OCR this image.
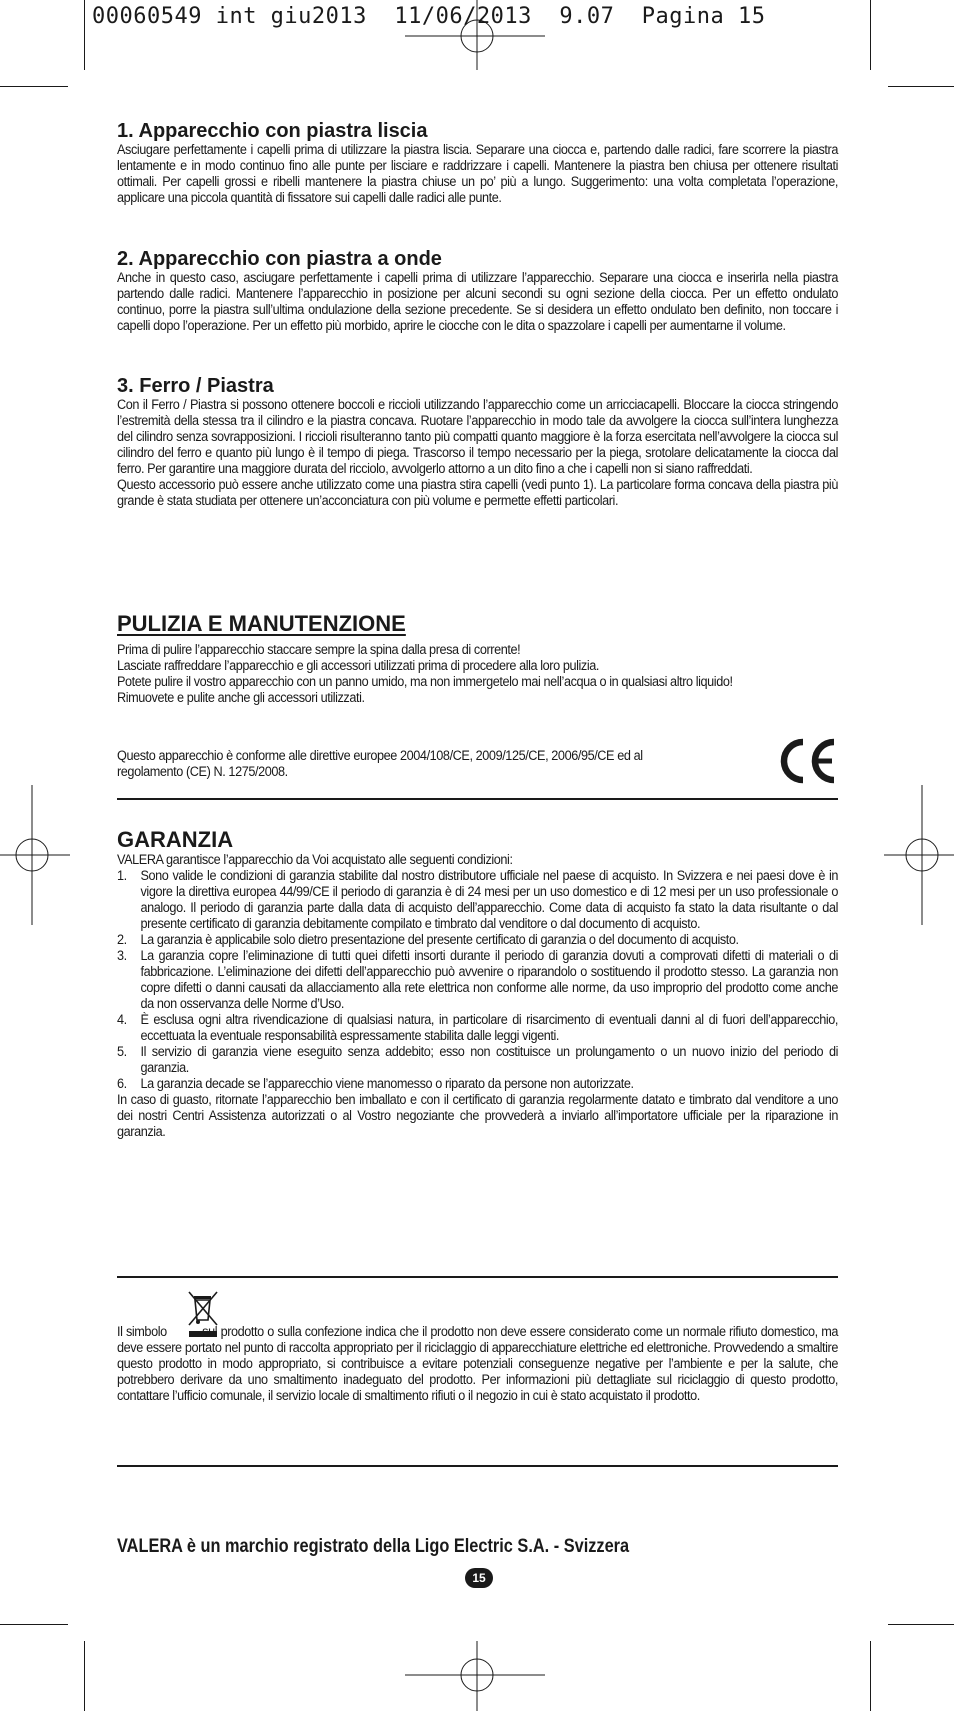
00060549 int giu2013  11/06/2013  9.07  Pagina 15
1. Apparecchio con piastra liscia

Asciugare perfettamente i capelli prima di utilizzare la piastra liscia. Separare una ciocca e, partendo dalle radici, fare scorrere la piastra lentamente e in modo continuo fino alle punte per lisciare e raddrizzare i capelli. Mantenere la piastra ben chiusa per ottenere risultati ottimali. Per capelli grossi e ribelli mantenere la piastra chiuse un po’ più a lungo. Suggerimento: una volta completata l’operazione, applicare una piccola quantità di fissatore sui capelli dalle radici alle punte.

2. Apparecchio con piastra a onde

Anche in questo caso, asciugare perfettamente i capelli prima di utilizzare l’apparecchio. Separare una ciocca e inserirla nella piastra partendo dalle radici. Mantenere l’apparecchio in posizione per alcuni secondi su ogni sezione della ciocca. Per un effetto ondulato continuo, porre la piastra sull’ultima ondulazione della sezione precedente. Se si desidera un effetto ondulato ben definito, non toccare i capelli dopo l’operazione. Per un effetto più morbido, aprire le ciocche con le dita o spazzolare i capelli per aumentarne il volume.

3. Ferro / Piastra

Con il Ferro / Piastra si possono ottenere boccoli e riccioli utilizzando l’apparecchio come un arricciacapelli. Bloccare la ciocca stringendo l’estremità della stessa tra il cilindro e la piastra concava. Ruotare l’apparecchio in modo tale da avvolgere la ciocca sull’intera lunghezza del cilindro senza sovrapposizioni. I riccioli risulteranno tanto più compatti quanto maggiore è la forza esercitata nell’avvolgere la ciocca sul cilindro del ferro e quanto più lungo è il tempo di piega. Trascorso il tempo necessario per la piega, srotolare delicatamente la ciocca dal ferro. Per garantire una maggiore durata del ricciolo, avvolgerlo attorno a un dito fino a che i capelli non si siano raffreddati.

Questo accessorio può essere anche utilizzato come una piastra stira capelli (vedi punto 1). La particolare forma concava della piastra più grande è stata studiata per ottenere un’acconciatura con più volume e permette effetti particolari.

PULIZIA E MANUTENZIONE

Prima di pulire l’apparecchio staccare sempre la spina dalla presa di corrente!

Lasciate raffreddare l’apparecchio e gli accessori utilizzati prima di procedere alla loro pulizia.

Potete pulire il vostro apparecchio con un panno umido, ma non immergetelo mai nell’acqua o in qualsiasi altro liquido!

Rimuovete e pulite anche gli accessori utilizzati.

Questo apparecchio è conforme alle direttive europee 2004/108/CE, 2009/125/CE, 2006/95/CE ed al regolamento (CE) N. 1275/2008.

GARANZIA

VALERA garantisce l’apparecchio da Voi acquistato alle seguenti condizioni:

1. Sono valide le condizioni di garanzia stabilite dal nostro distributore ufficiale nel paese di acquisto. In Svizzera e nei paesi dove è in vigore la direttiva europea 44/99/CE il periodo di garanzia è di 24 mesi per un uso domestico e di 12 mesi per un uso professionale o analogo. Il periodo di garanzia parte dalla data di acquisto dell’apparecchio. Come data di acquisto fa stato la data risultante o dal presente certificato di garanzia debitamente compilato e timbrato dal venditore o dal documento di acquisto.

2. La garanzia è applicabile solo dietro presentazione del presente certificato di garanzia o del documento di acquisto.

3. La garanzia copre l’eliminazione di tutti quei difetti insorti durante il periodo di garanzia dovuti a comprovati difetti di materiali o di fabbricazione. L’eliminazione dei difetti dell’apparecchio può avvenire o riparandolo o sostituendo il prodotto stesso. La garanzia non copre difetti o danni causati da allacciamento alla rete elettrica non conforme alle norme, da uso improprio del prodotto come anche da non osservanza delle Norme d’Uso.

4. È esclusa ogni altra rivendicazione di qualsiasi natura, in particolare di risarcimento di eventuali danni al di fuori dell’apparecchio, eccettuata la eventuale responsabilità espressamente stabilita dalle leggi vigenti.

5. Il servizio di garanzia viene eseguito senza addebito; esso non costituisce un prolungamento o un nuovo inizio del periodo di garanzia.

6. La garanzia decade se l’apparecchio viene manomesso o riparato da persone non autorizzate.

In caso di guasto, ritornate l’apparecchio ben imballato e con il certificato di garanzia regolarmente datato e timbrato dal venditore a uno dei nostri Centri Assistenza autorizzati o al Vostro negoziante che provvederà a inviarlo all’importatore ufficiale per la riparazione in garanzia.

Il simbolo sul prodotto o sulla confezione indica che il prodotto non deve essere considerato come un normale rifiuto domestico, ma deve essere portato nel punto di raccolta appropriato per il riciclaggio di apparecchiature elettriche ed elettroniche. Provvedendo a smaltire questo prodotto in modo appropriato, si contribuisce a evitare potenziali conseguenze negative per l’ambiente e per la salute, che potrebbero derivare da uno smaltimento inadeguato del prodotto. Per informazioni più dettagliate sul riciclaggio di questo prodotto, contattare l’ufficio comunale, il servizio locale di smaltimento rifiuti o il negozio in cui è stato acquistato il prodotto.

VALERA è un marchio registrato della Ligo Electric S.A. - Svizzera
15
